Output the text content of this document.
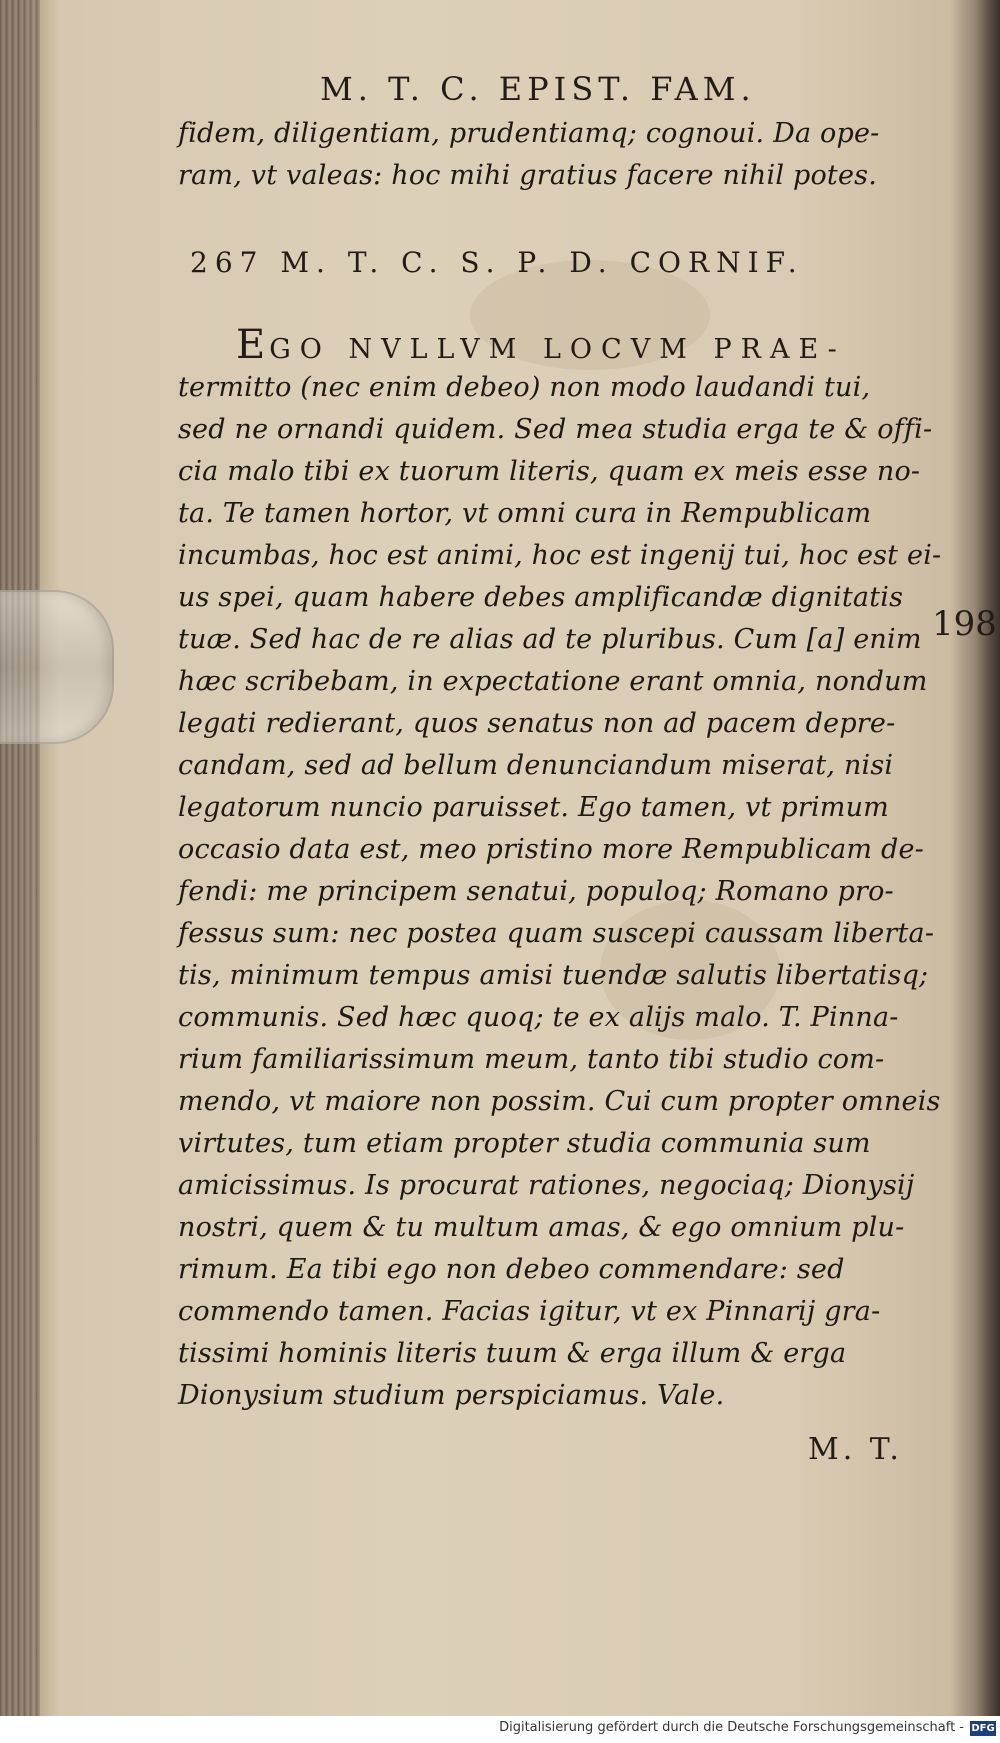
M. T. C. EPIST. FAM.
fidem, diligentiam, prudentiamq; cognoui. Da ope-
ram, vt valeas: hoc mihi gratius facere nihil potes.
267 M. T. C. S. P. D. CORNIF.
EGO NVLLVM LOCVM PRAE-
termitto (nec enim debeo) non modo laudandi tui,
sed ne ornandi quidem. Sed mea studia erga te & offi-
cia malo tibi ex tuorum literis, quam ex meis esse no-
ta. Te tamen hortor, vt omni cura in Rempublicam
incumbas, hoc est animi, hoc est ingenij tui, hoc est ei-
us spei, quam habere debes amplificandæ dignitatis
tuæ. Sed hac de re alias ad te pluribus. Cum [a] enim
hæc scribebam, in expectatione erant omnia, nondum
legati redierant, quos senatus non ad pacem depre-
candam, sed ad bellum denunciandum miserat, nisi
legatorum nuncio paruisset. Ego tamen, vt primum
occasio data est, meo pristino more Rempublicam de-
fendi: me principem senatui, populoq; Romano pro-
fessus sum: nec postea quam suscepi caussam liberta-
tis, minimum tempus amisi tuendæ salutis libertatisq;
communis. Sed hæc quoq; te ex alijs malo. T. Pinna-
rium familiarissimum meum, tanto tibi studio com-
mendo, vt maiore non possim. Cui cum propter omneis
virtutes, tum etiam propter studia communia sum
amicissimus. Is procurat rationes, negociaq; Dionysij
nostri, quem & tu multum amas, & ego omnium plu-
rimum. Ea tibi ego non debeo commendare: sed
commendo tamen. Facias igitur, vt ex Pinnarij gra-
tissimi hominis literis tuum & erga illum & erga
Dionysium studium perspiciamus. Vale.
198
M. T.
Digitalisierung gefördert durch die Deutsche Forschungsgemeinschaft - DFG
